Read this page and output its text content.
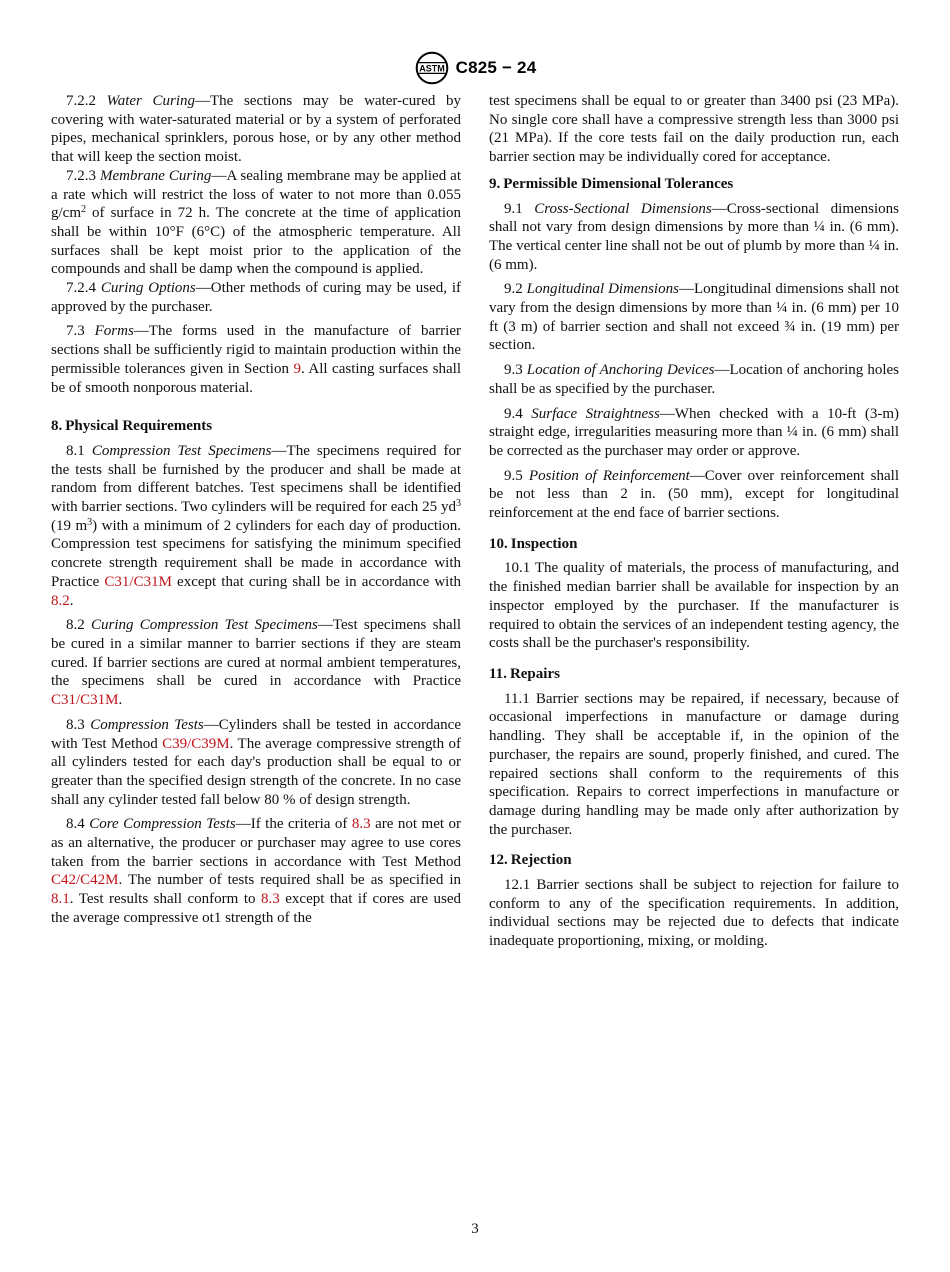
ASTM C825 − 24

7.2.2 Water Curing—The sections may be water-cured by covering with water-saturated material or by a system of perforated pipes, mechanical sprinklers, porous hose, or by any other method that will keep the section moist.

7.2.3 Membrane Curing—A sealing membrane may be applied at a rate which will restrict the loss of water to not more than 0.055 $g/cm^2$ of surface in 72 h. The concrete at the time of application shall be within 10°F (6°C) of the atmospheric temperature. All surfaces shall be kept moist prior to the application of the compounds and shall be damp when the compound is applied.

7.2.4 Curing Options—Other methods of curing may be used, if approved by the purchaser.

7.3 Forms—The forms used in the manufacture of barrier sections shall be sufficiently rigid to maintain production within the permissible tolerances given in Section 9. All casting surfaces shall be of smooth nonporous material.

8. Physical Requirements

8.1 Compression Test Specimens—The specimens required for the tests shall be furnished by the producer and shall be made at random from different batches. Test specimens shall be identified with barrier sections. Two cylinders will be required for each 25 $yd^3$ (19 $m^3$) with a minimum of 2 cylinders for each day of production. Compression test specimens for satisfying the minimum specified concrete strength requirement shall be made in accordance with Practice C31/C31M except that curing shall be in accordance with 8.2.

8.2 Curing Compression Test Specimens—Test specimens shall be cured in a similar manner to barrier sections if they are steam cured. If barrier sections are cured at normal ambient temperatures, the specimens shall be cured in accordance with Practice C31/C31M.

8.3 Compression Tests—Cylinders shall be tested in accordance with Test Method C39/C39M. The average compressive strength of all cylinders tested for each day's production shall be equal to or greater than the specified design strength of the concrete. In no case shall any cylinder tested fall below 80 % of design strength.

8.4 Core Compression Tests—If the criteria of 8.3 are not met or as an alternative, the producer or purchaser may agree to use cores taken from the barrier sections in accordance with Test Method C42/C42M. The number of tests required shall be as specified in 8.1. Test results shall conform to 8.3 except that if cores are used the average compressive ot1 strength of the

test specimens shall be equal to or greater than 3400 psi (23 MPa). No single core shall have a compressive strength less than 3000 psi (21 MPa). If the core tests fail on the daily production run, each barrier section may be individually cored for acceptance.

9. Permissible Dimensional Tolerances

9.1 Cross-Sectional Dimensions—Cross-sectional dimensions shall not vary from design dimensions by more than ¼ in. (6 mm). The vertical center line shall not be out of plumb by more than ¼ in. (6 mm).

9.2 Longitudinal Dimensions—Longitudinal dimensions shall not vary from the design dimensions by more than ¼ in. (6 mm) per 10 ft (3 m) of barrier section and shall not exceed ¾ in. (19 mm) per section.

9.3 Location of Anchoring Devices—Location of anchoring holes shall be as specified by the purchaser.

9.4 Surface Straightness—When checked with a 10-ft (3-m) straight edge, irregularities measuring more than ¼ in. (6 mm) shall be corrected as the purchaser may order or approve.

9.5 Position of Reinforcement—Cover over reinforcement shall be not less than 2 in. (50 mm), except for longitudinal reinforcement at the end face of barrier sections.

10. Inspection

10.1 The quality of materials, the process of manufacturing, and the finished median barrier shall be available for inspection by an inspector employed by the purchaser. If the manufacturer is required to obtain the services of an independent testing agency, the costs shall be the purchaser's responsibility.

11. Repairs

11.1 Barrier sections may be repaired, if necessary, because of occasional imperfections in manufacture or damage during handling. They shall be acceptable if, in the opinion of the purchaser, the repairs are sound, properly finished, and cured. The repaired sections shall conform to the requirements of this specification. Repairs to correct imperfections in manufacture or damage during handling may be made only after authorization by the purchaser.

12. Rejection

12.1 Barrier sections shall be subject to rejection for failure to conform to any of the specification requirements. In addition, individual sections may be rejected due to defects that indicate inadequate proportioning, mixing, or molding.

3
